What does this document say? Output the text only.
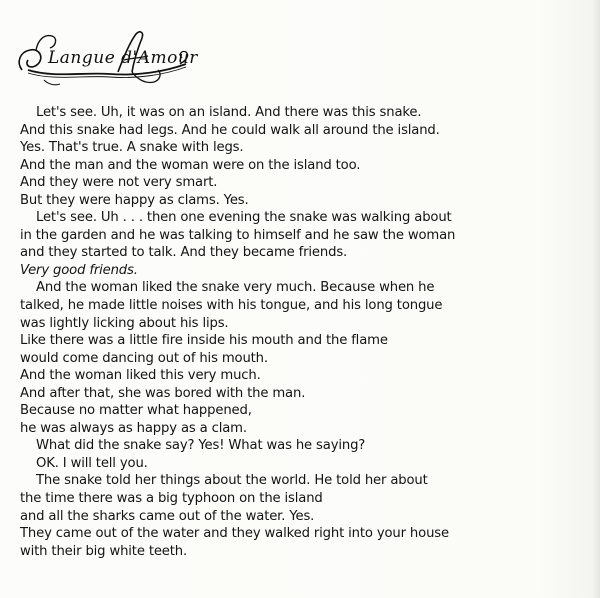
Langue d'Amour
Let's see. Uh, it was on an island. And there was this snake.
And this snake had legs. And he could walk all around the island.
Yes. That's true. A snake with legs.
And the man and the woman were on the island too.
And they were not very smart.
But they were happy as clams. Yes.
Let's see. Uh . . . then one evening the snake was walking about
in the garden and he was talking to himself and he saw the woman
and they started to talk. And they became friends.
Very good friends.
And the woman liked the snake very much. Because when he
talked, he made little noises with his tongue, and his long tongue
was lightly licking about his lips.
Like there was a little fire inside his mouth and the flame
would come dancing out of his mouth.
And the woman liked this very much.
And after that, she was bored with the man.
Because no matter what happened,
he was always as happy as a clam.
What did the snake say? Yes! What was he saying?
OK. I will tell you.
The snake told her things about the world. He told her about
the time there was a big typhoon on the island
and all the sharks came out of the water. Yes.
They came out of the water and they walked right into your house
with their big white teeth.
